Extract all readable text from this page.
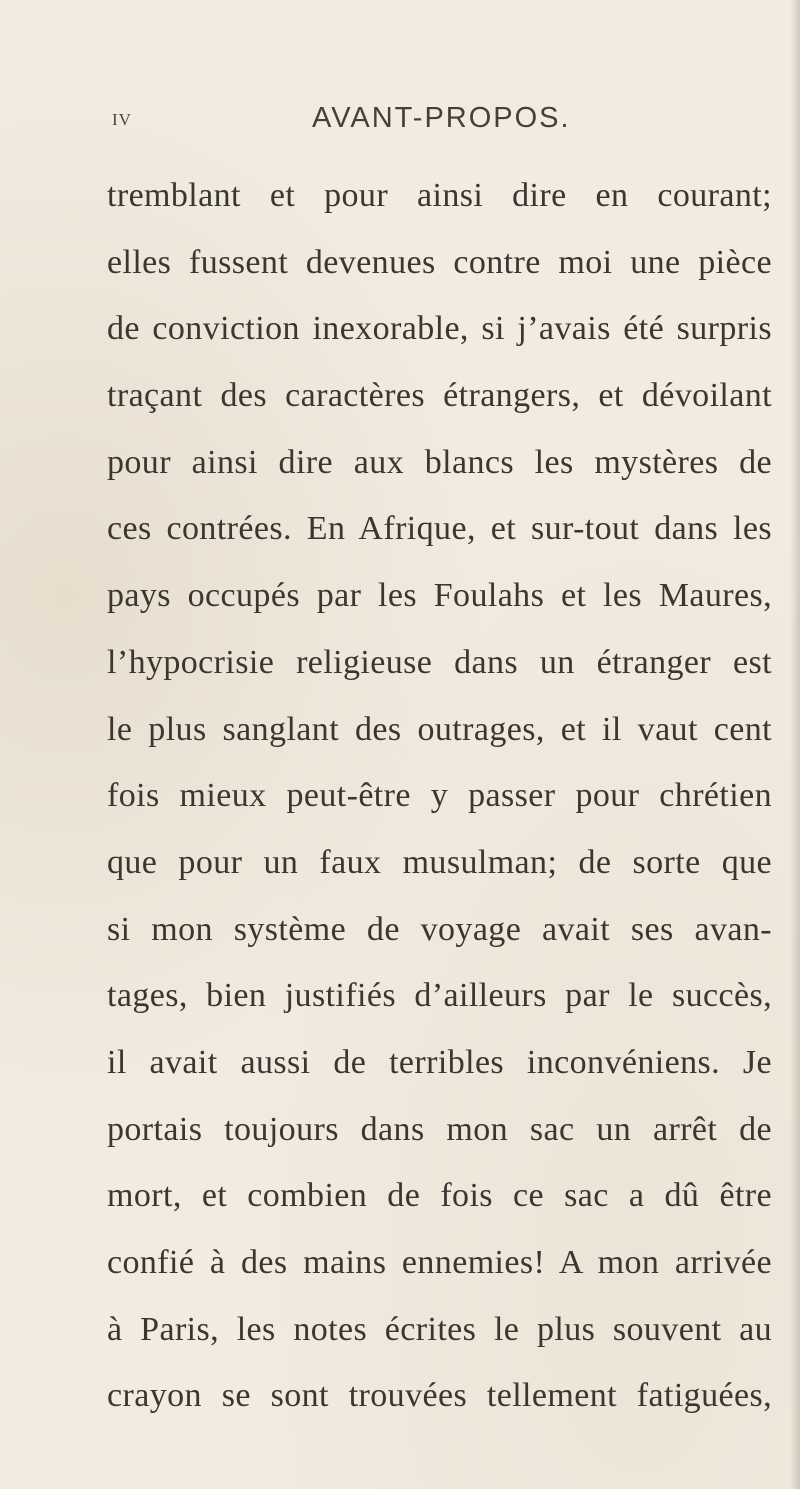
IV	AVANT-PROPOS.
tremblant et pour ainsi dire en courant;
elles fussent devenues contre moi une pièce
de conviction inexorable, si j’avais été surpris
traçant des caractères étrangers, et dévoilant
pour ainsi dire aux blancs les mystères de
ces contrées. En Afrique, et sur-tout dans les
pays occupés par les Foulahs et les Maures,
l’hypocrisie religieuse dans un étranger est
le plus sanglant des outrages, et il vaut cent
fois mieux peut-être y passer pour chrétien
que pour un faux musulman; de sorte que
si mon système de voyage avait ses avan-
tages, bien justifiés d’ailleurs par le succès,
il avait aussi de terribles inconvéniens. Je
portais toujours dans mon sac un arrêt de
mort, et combien de fois ce sac a dû être
confié à des mains ennemies! A mon arrivée
à Paris, les notes écrites le plus souvent au
crayon se sont trouvées tellement fatiguées,
